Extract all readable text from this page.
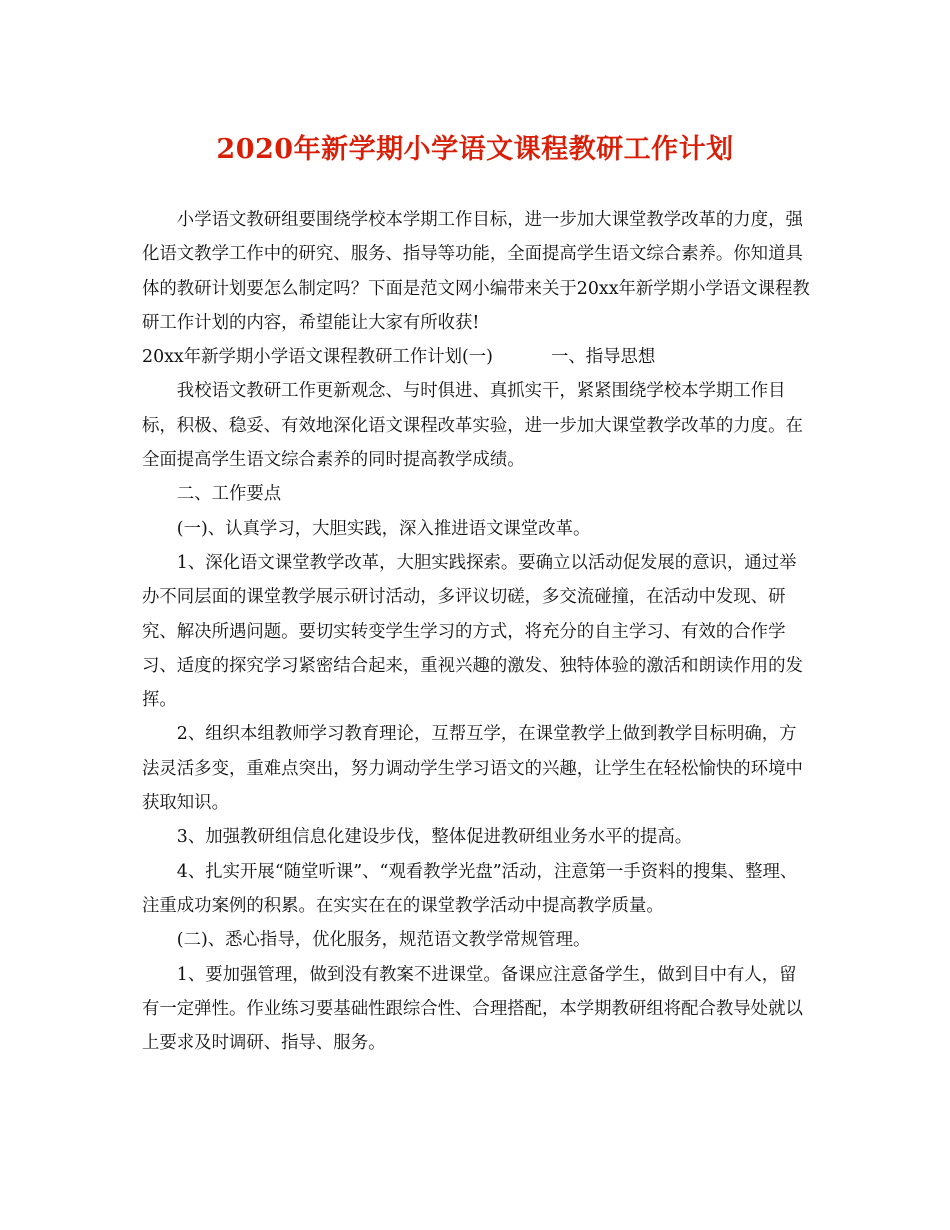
2020年新学期小学语文课程教研工作计划

小学语文教研组要围绕学校本学期工作目标，进一步加大课堂教学改革的力度，强化语文教学工作中的研究、服务、指导等功能，全面提高学生语文综合素养。你知道具体的教研计划要怎么制定吗？下面是范文网小编带来关于20xx年新学期小学语文课程教研工作计划的内容，希望能让大家有所收获!

20xx年新学期小学语文课程教研工作计划(一)	一、指导思想

我校语文教研工作更新观念、与时俱进、真抓实干，紧紧围绕学校本学期工作目标，积极、稳妥、有效地深化语文课程改革实验，进一步加大课堂教学改革的力度。在全面提高学生语文综合素养的同时提高教学成绩。

二、工作要点

(一)、认真学习，大胆实践，深入推进语文课堂改革。

1、深化语文课堂教学改革，大胆实践探索。要确立以活动促发展的意识，通过举办不同层面的课堂教学展示研讨活动，多评议切磋，多交流碰撞，在活动中发现、研究、解决所遇问题。要切实转变学生学习的方式，将充分的自主学习、有效的合作学习、适度的探究学习紧密结合起来，重视兴趣的激发、独特体验的激活和朗读作用的发挥。

2、组织本组教师学习教育理论，互帮互学，在课堂教学上做到教学目标明确，方法灵活多变，重难点突出，努力调动学生学习语文的兴趣，让学生在轻松愉快的环境中获取知识。

3、加强教研组信息化建设步伐，整体促进教研组业务水平的提高。

4、扎实开展“随堂听课”、“观看教学光盘”活动，注意第一手资料的搜集、整理、注重成功案例的积累。在实实在在的课堂教学活动中提高教学质量。

(二)、悉心指导，优化服务，规范语文教学常规管理。

1、要加强管理，做到没有教案不进课堂。备课应注意备学生，做到目中有人，留有一定弹性。作业练习要基础性跟综合性、合理搭配，本学期教研组将配合教导处就以上要求及时调研、指导、服务。
